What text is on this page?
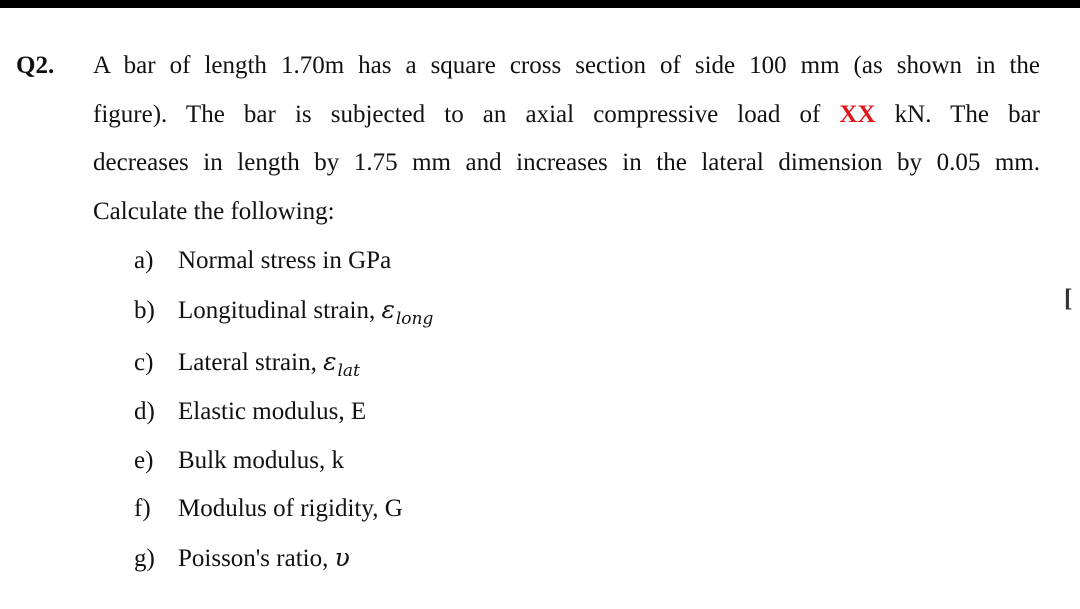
Q2. A bar of length 1.70m has a square cross section of side 100 mm (as shown in the
figure). The bar is subjected to an axial compressive load of XX kN. The bar
decreases in length by 1.75 mm and increases in the lateral dimension by 0.05 mm.
Calculate the following:
a) Normal stress in GPa
b) Longitudinal strain, $\varepsilon_{long}$
c) Lateral strain, $\varepsilon_{lat}$
d) Elastic modulus, E
e) Bulk modulus, k
f) Modulus of rigidity, G
g) Poisson's ratio, υ
[
